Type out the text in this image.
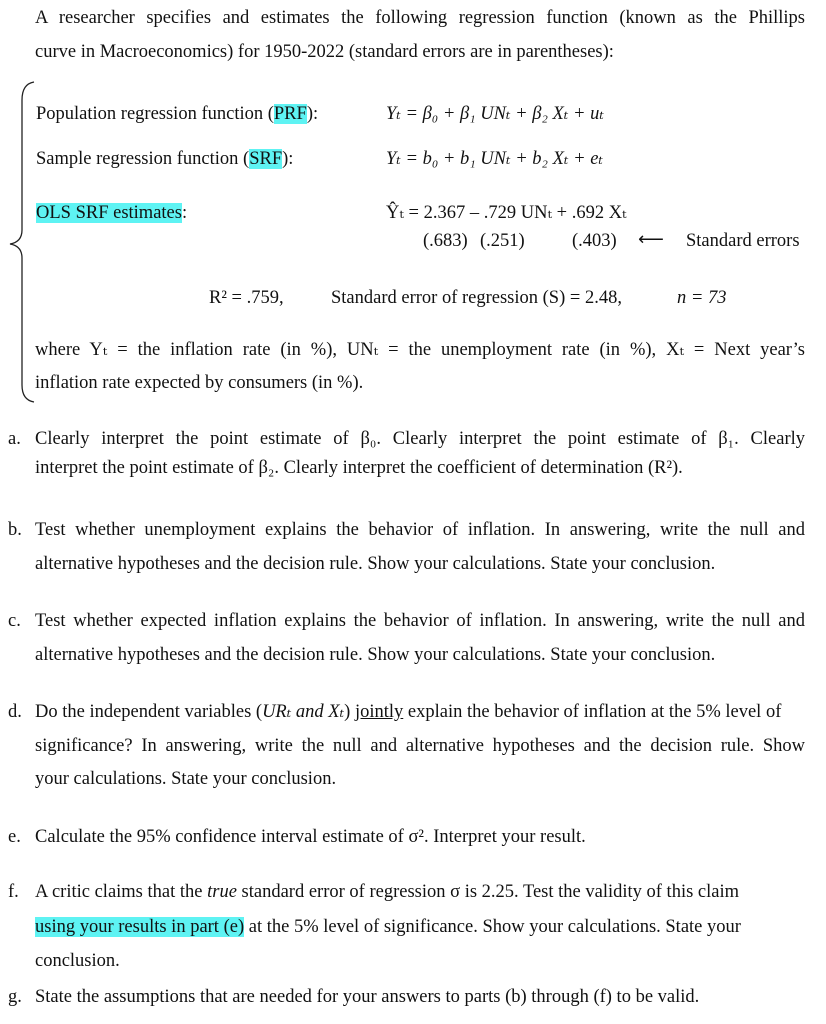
A researcher specifies and estimates the following regression function (known as the Phillips
curve in Macroeconomics) for 1950-2022 (standard errors are in parentheses):
Population regression function (PRF):	Yₜ = β₀ + β₁ UNₜ + β₂ Xₜ + uₜ
Sample regression function (SRF):	Yₜ = b₀ + b₁ UNₜ + b₂ Xₜ + eₜ
OLS SRF estimates:	Ŷₜ = 2.367 – .729 UNₜ + .692 Xₜ
(.683) (.251)	(.403) ⟵ Standard errors
R² = .759,	Standard error of regression (S) = 2.48,	n = 73
where Yₜ = the inflation rate (in %), UNₜ = the unemployment rate (in %), Xₜ = Next year’s
inflation rate expected by consumers (in %).
a. Clearly interpret the point estimate of β₀. Clearly interpret the point estimate of β₁. Clearly
interpret the point estimate of β₂. Clearly interpret the coefficient of determination (R²).
b. Test whether unemployment explains the behavior of inflation. In answering, write the null and
alternative hypotheses and the decision rule. Show your calculations. State your conclusion.
c. Test whether expected inflation explains the behavior of inflation. In answering, write the null and
alternative hypotheses and the decision rule. Show your calculations. State your conclusion.
d. Do the independent variables (URₜ and Xₜ) jointly explain the behavior of inflation at the 5% level of
significance? In answering, write the null and alternative hypotheses and the decision rule. Show
your calculations. State your conclusion.
e. Calculate the 95% confidence interval estimate of σ². Interpret your result.
f. A critic claims that the true standard error of regression σ is 2.25. Test the validity of this claim
using your results in part (e) at the 5% level of significance. Show your calculations. State your
conclusion.
g. State the assumptions that are needed for your answers to parts (b) through (f) to be valid.
